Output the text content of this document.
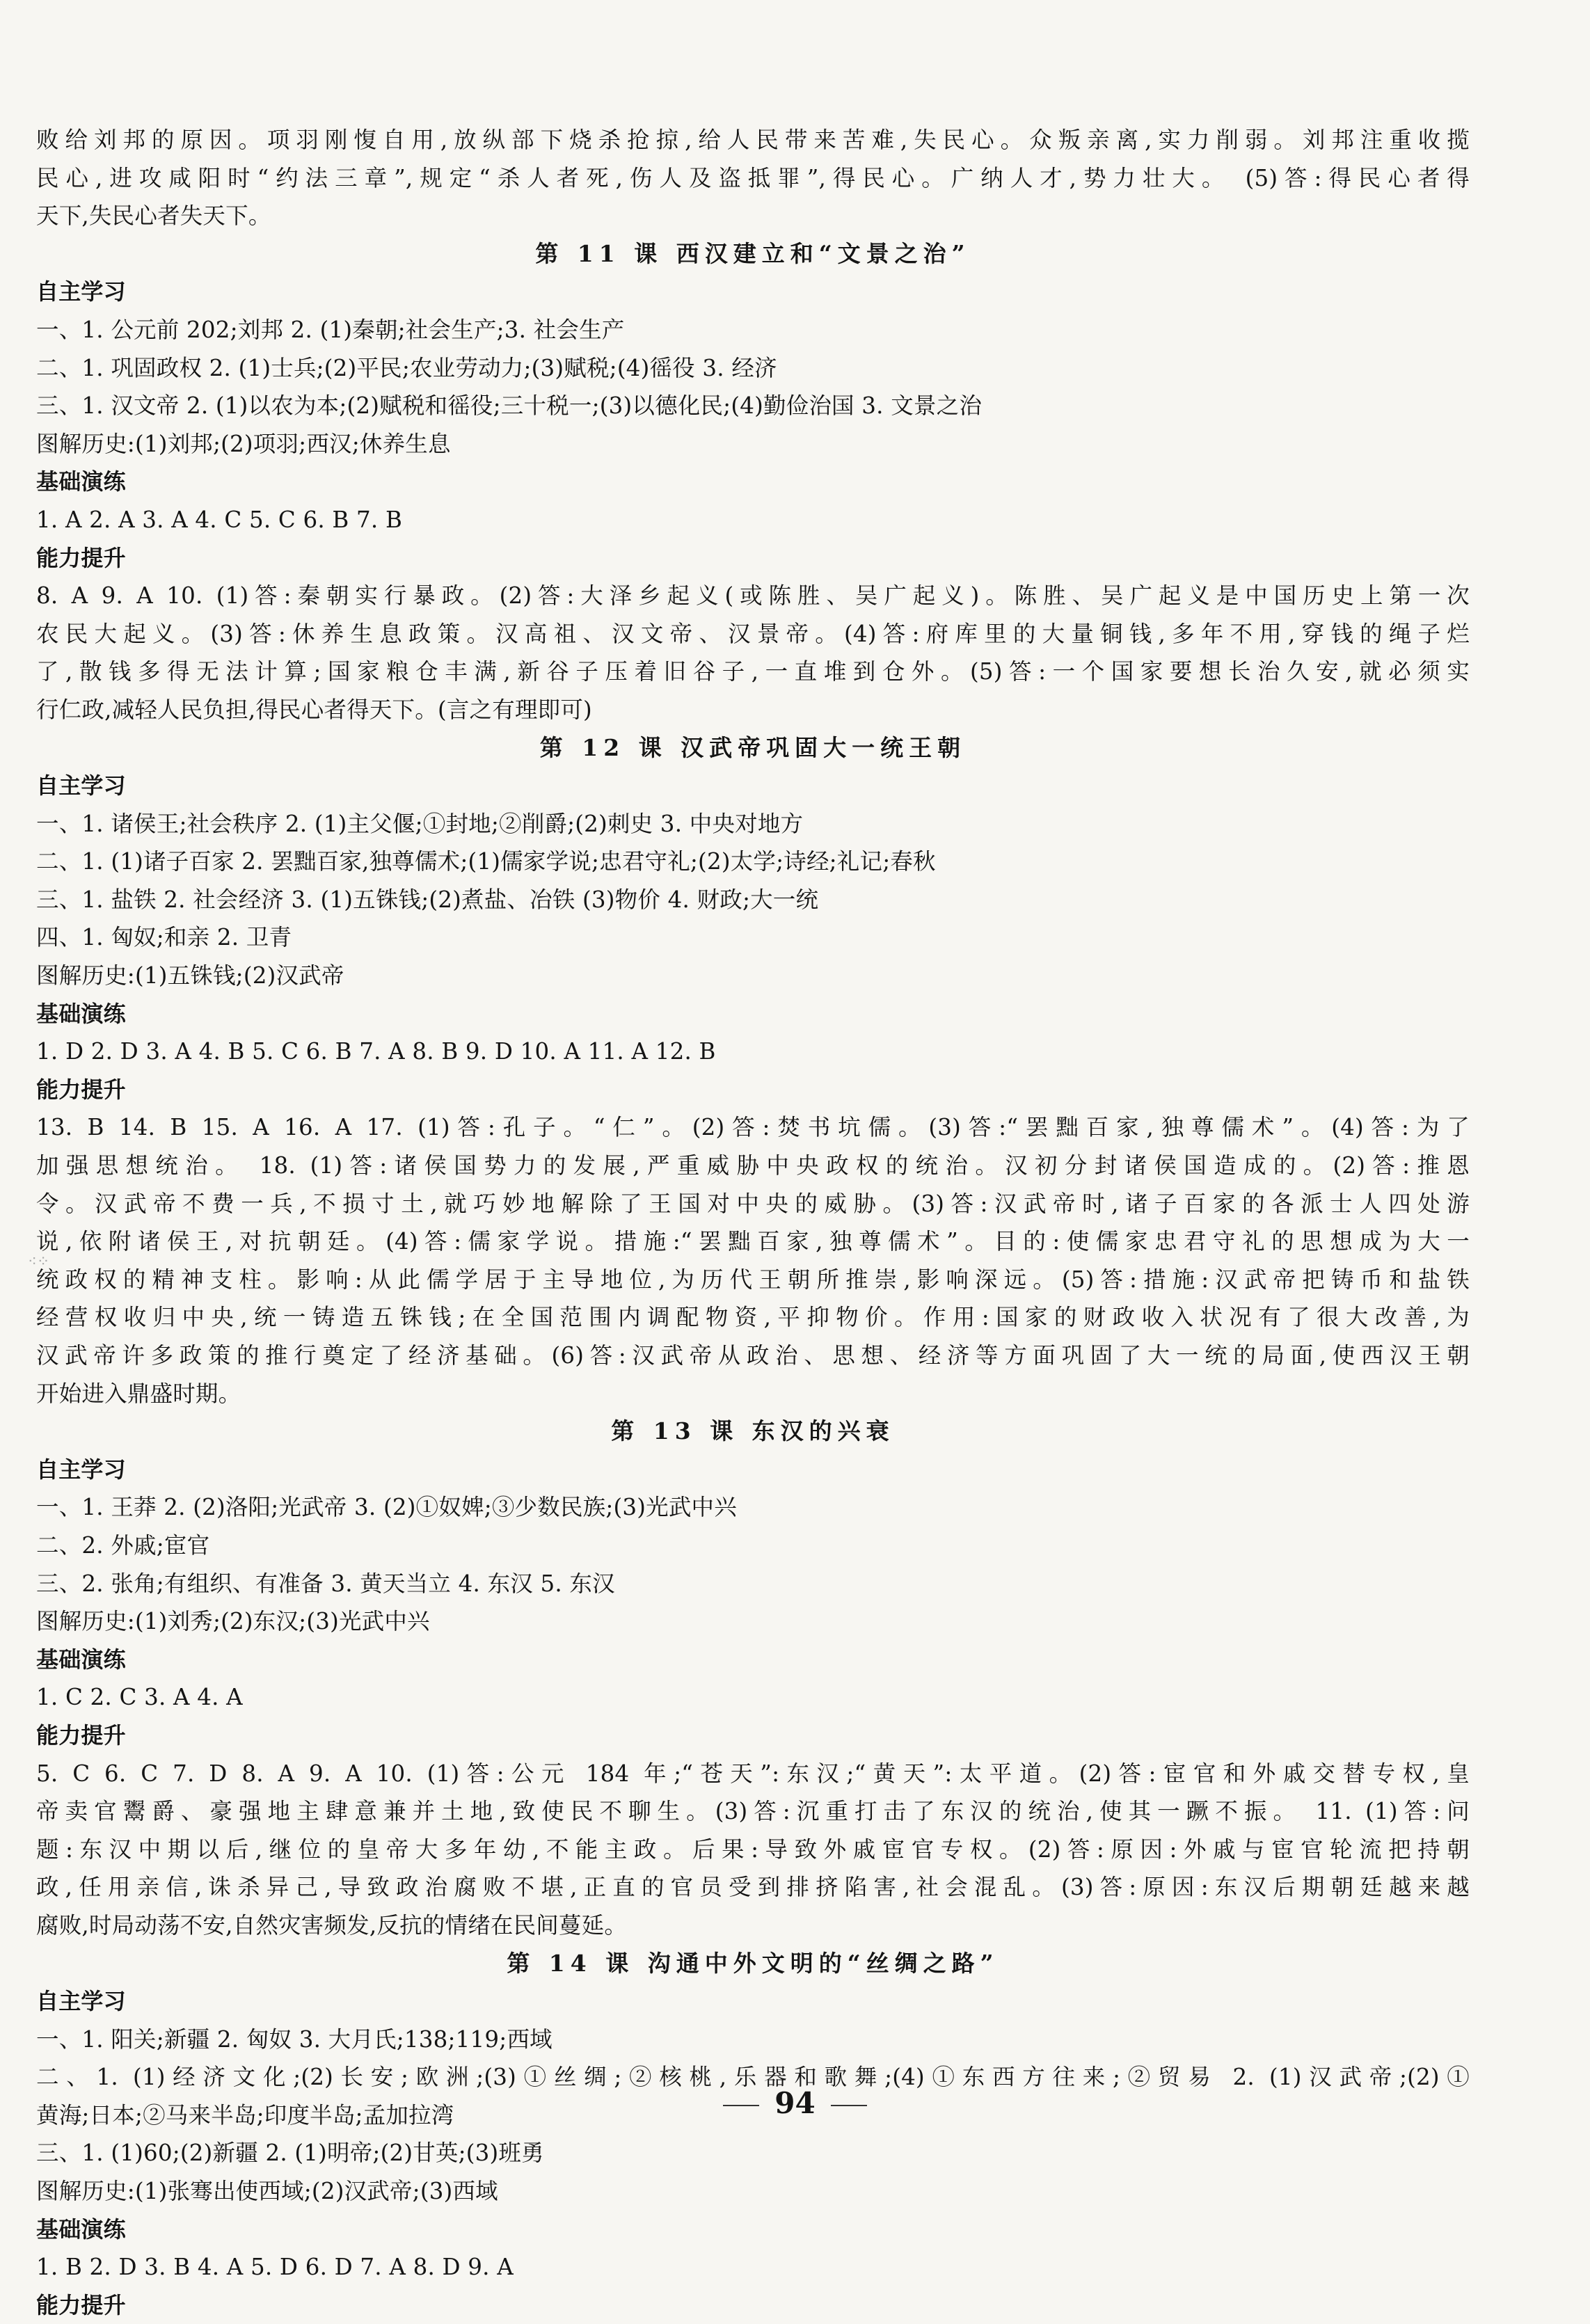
败给刘邦的原因。项羽刚愎自用,放纵部下烧杀抢掠,给人民带来苦难,失民心。众叛亲离,实力削弱。刘邦注重收揽
民心,进攻咸阳时“约法三章”,规定“杀人者死,伤人及盗抵罪”,得民心。广纳人才,势力壮大。 (5)答:得民心者得
天下,失民心者失天下。
第 11 课 西汉建立和“文景之治”
自主学习
一、1. 公元前 202;刘邦 2. (1)秦朝;社会生产;3. 社会生产
二、1. 巩固政权 2. (1)士兵;(2)平民;农业劳动力;(3)赋税;(4)徭役 3. 经济
三、1. 汉文帝 2. (1)以农为本;(2)赋税和徭役;三十税一;(3)以德化民;(4)勤俭治国 3. 文景之治
图解历史:(1)刘邦;(2)项羽;西汉;休养生息
基础演练
1. A 2. A 3. A 4. C 5. C 6. B 7. B
能力提升
8. A 9. A 10. (1)答:秦朝实行暴政。(2)答:大泽乡起义(或陈胜、吴广起义)。陈胜、吴广起义是中国历史上第一次
农民大起义。(3)答:休养生息政策。汉高祖、汉文帝、汉景帝。(4)答:府库里的大量铜钱,多年不用,穿钱的绳子烂
了,散钱多得无法计算;国家粮仓丰满,新谷子压着旧谷子,一直堆到仓外。(5)答:一个国家要想长治久安,就必须实
行仁政,减轻人民负担,得民心者得天下。(言之有理即可)
第 12 课 汉武帝巩固大一统王朝
自主学习
一、1. 诸侯王;社会秩序 2. (1)主父偃;①封地;②削爵;(2)刺史 3. 中央对地方
二、1. (1)诸子百家 2. 罢黜百家,独尊儒术;(1)儒家学说;忠君守礼;(2)太学;诗经;礼记;春秋
三、1. 盐铁 2. 社会经济 3. (1)五铢钱;(2)煮盐、冶铁 (3)物价 4. 财政;大一统
四、1. 匈奴;和亲 2. 卫青
图解历史:(1)五铢钱;(2)汉武帝
基础演练
1. D 2. D 3. A 4. B 5. C 6. B 7. A 8. B 9. D 10. A 11. A 12. B
能力提升
13. B 14. B 15. A 16. A 17. (1)答:孔子。“仁”。(2)答:焚书坑儒。(3)答:“罢黜百家,独尊儒术”。(4)答:为了
加强思想统治。 18. (1)答:诸侯国势力的发展,严重威胁中央政权的统治。汉初分封诸侯国造成的。(2)答:推恩
令。汉武帝不费一兵,不损寸土,就巧妙地解除了王国对中央的威胁。(3)答:汉武帝时,诸子百家的各派士人四处游
说,依附诸侯王,对抗朝廷。(4)答:儒家学说。措施:“罢黜百家,独尊儒术”。目的:使儒家忠君守礼的思想成为大一
统政权的精神支柱。影响:从此儒学居于主导地位,为历代王朝所推崇,影响深远。(5)答:措施:汉武帝把铸币和盐铁
经营权收归中央,统一铸造五铢钱;在全国范围内调配物资,平抑物价。作用:国家的财政收入状况有了很大改善,为
汉武帝许多政策的推行奠定了经济基础。(6)答:汉武帝从政治、思想、经济等方面巩固了大一统的局面,使西汉王朝
开始进入鼎盛时期。
第 13 课 东汉的兴衰
自主学习
一、1. 王莽 2. (2)洛阳;光武帝 3. (2)①奴婢;③少数民族;(3)光武中兴
二、2. 外戚;宦官
三、2. 张角;有组织、有准备 3. 黄天当立 4. 东汉 5. 东汉
图解历史:(1)刘秀;(2)东汉;(3)光武中兴
基础演练
1. C 2. C 3. A 4. A
能力提升
5. C 6. C 7. D 8. A 9. A 10. (1)答:公元 184 年;“苍天”:东汉;“黄天”:太平道。(2)答:宦官和外戚交替专权,皇
帝卖官鬻爵、豪强地主肆意兼并土地,致使民不聊生。(3)答:沉重打击了东汉的统治,使其一蹶不振。 11. (1)答:问
题:东汉中期以后,继位的皇帝大多年幼,不能主政。后果:导致外戚宦官专权。(2)答:原因:外戚与宦官轮流把持朝
政,任用亲信,诛杀异己,导致政治腐败不堪,正直的官员受到排挤陷害,社会混乱。(3)答:原因:东汉后期朝廷越来越
腐败,时局动荡不安,自然灾害频发,反抗的情绪在民间蔓延。
第 14 课 沟通中外文明的“丝绸之路”
自主学习
一、1. 阳关;新疆 2. 匈奴 3. 大月氏;138;119;西域
二、1. (1)经济文化;(2)长安;欧洲;(3)①丝绸;②核桃,乐器和歌舞;(4)①东西方往来;②贸易 2. (1)汉武帝;(2)①
黄海;日本;②马来半岛;印度半岛;孟加拉湾
三、1. (1)60;(2)新疆 2. (1)明帝;(2)甘英;(3)班勇
图解历史:(1)张骞出使西域;(2)汉武帝;(3)西域
基础演练
1. B 2. D 3. B 4. A 5. D 6. D 7. A 8. D 9. A
能力提升
⁖⁘
94
